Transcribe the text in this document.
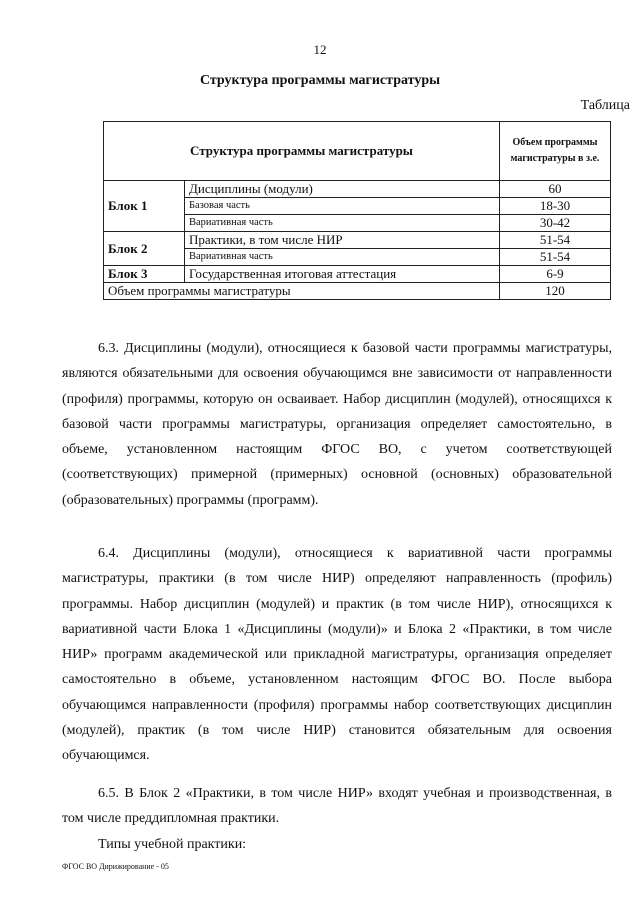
12
Структура программы магистратуры
Таблица
Структура программы магистратуры		Объем программы магистратуры в з.е.
Блок 1	Дисциплины (модули)	60
	Базовая часть	18-30
	Вариативная часть	30-42
Блок 2	Практики, в том числе НИР	51-54
	Вариативная часть	51-54
Блок 3	Государственная итоговая аттестация	6-9
Объем программы магистратуры		120

6.3. Дисциплины (модули), относящиеся к базовой части программы магистратуры, являются обязательными для освоения обучающимся вне зависимости от направленности (профиля) программы, которую он осваивает. Набор дисциплин (модулей), относящихся к базовой части программы магистратуры, организация определяет самостоятельно, в объеме, установленном настоящим ФГОС ВО, с учетом соответствующей (соответствующих) примерной (примерных) основной (основных) образовательной (образовательных) программы (программ).

6.4. Дисциплины (модули), относящиеся к вариативной части программы магистратуры, практики (в том числе НИР) определяют направленность (профиль) программы. Набор дисциплин (модулей) и практик (в том числе НИР), относящихся к вариативной части Блока 1 «Дисциплины (модули)» и Блока 2 «Практики, в том числе НИР» программ академической или прикладной магистратуры, организация определяет самостоятельно в объеме, установленном настоящим ФГОС ВО. После выбора обучающимся направленности (профиля) программы набор соответствующих дисциплин (модулей), практик (в том числе НИР) становится обязательным для освоения обучающимся.

6.5. В Блок 2 «Практики, в том числе НИР» входят учебная и производственная, в том числе преддипломная практики.

Типы учебной практики:

ФГОС ВО Дирижирование - 05
